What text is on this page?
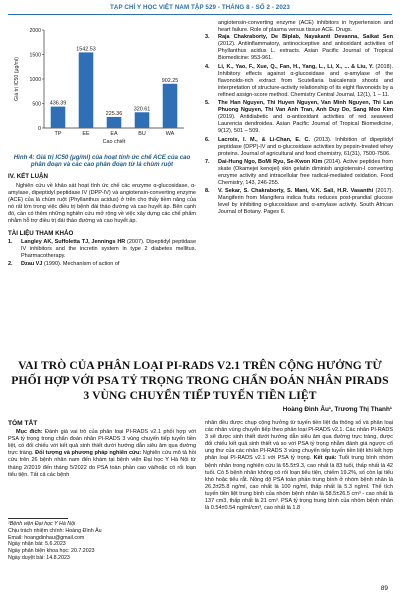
TẠP CHÍ Y HỌC VIỆT NAM TẬP 529 - THÁNG 8 - SỐ 2 - 2023
0
500
1000
1500
2000
Giá trị IC50 (μg/ml)
436.39
TP
1542.53
EE
225.36
EA
320.61
BU
902.25
WA
Cao chiết
Hình 4: Giá trị IC50 (μg/ml) của hoạt tính ức chế ACE của cao phân đoạn và các cao phân đoạn từ lá chùm ruột
IV. KẾT LUẬN
Nghiên cứu về khảo sát hoạt tính ức chế các enzyme α-glucosidase, α-amylase, dipeptidyl peptidase IV (DPP-IV) và angiotensin-converting enzyme (ACE) của lá chùm ruột (Phyllanthus acidus) ở trên cho thấy tiềm năng của nó rất lớn trong việc điều trị bệnh đái tháo đường và cao huyết áp. Bên cạnh đó, cần có thêm những nghiên cứu mở rộng về việc xây dựng các chế phẩm nhằm hỗ trợ điều trị đái tháo đường và cao huyết áp.
TÀI LIỆU THAM KHẢO
1.	Langley AK, Suffoletta TJ, Jennings HR (2007). Dipeptidyl peptidase IV inhibitors and the incretin system in type 2 diabetes mellitus. Pharmacotherapy.
2.	Dzau VJ (1990). Mechanism of action of
angiotensin-converting enzyme (ACE) inhibitors in hypertension and heart failure. Role of plasma versus tissue ACE. Drugs.
3.	Raja Chakraborty, De Biplab, Nayakanti Devanna, Saikat Sen (2012). Antiinflammatory, antinociceptive and antioxidant activities of Phyllanthus acidus L. extracts. Asian Pacific Journal of Tropical Biomedicine: 953-961.
4.	Li, K., Yao, F., Xue, Q., Fan, H., Yang, L., Li, X., ... & Liu, Y. (2018). Inhibitory effects against α-glucosidase and α-amylase of the flavonoids-rich extract from Scutellaria baicalensis shoots and interpretation of structure-activity relationship of its eight flavonoids by a refined assign-score method. Chemistry Central Journal, 12(1), 1 – 11.
5.	The Han Nguyen, Thi Huyen Nguyen, Van Minh Nguyen, Thi Lan Phuong Nguyen, Thi Van Anh Tran, Anh Duy Do, Sang Moo Kim (2019). Antidiabetic and α-antioxidant activities of red seaweed Laurencia dendroidea. Asian Pacific Journal of Tropical Biomedicine, 9(12), 501 – 509.
6.	Lacroix, I. M., & Li-Chan, E. C. (2013). Inhibition of dipeptidyl peptidase (DPP)-IV and α-glucosidase activities by pepsin-treated whey proteins. Journal of agricultural and food chemistry, 61(31), 7500-7506.
7.	Dai-Hung Ngo, BoMi Ryu, Se-Kwon Kim (2014). Active peptides from skate (Okamejei kenojei) skin gelatin diminish angiotensin-I converting enzyme activity and intracellular free radical-mediated oxidation. Food Chemistry, 143, 246-255.
8.	V. Sekar, S. Chakraborty, S. Mani, V.K. Sali, H.R. Vasanthi (2017). Mangiferin from Mangifera indica fruits reduces post-prandial glucose level by inhibiting α-glucosidase and α-amylase activity. South African Journal of Botany. Pages 6.
VAI TRÒ CỦA PHÂN LOẠI PI-RADS V2.1 TRÊN CỘNG HƯỞNG TỪ PHỐI HỢP VỚI PSA TỶ TRỌNG TRONG CHẨN ĐOÁN NHÂN PIRADS 3 VÙNG CHUYỂN TIẾP TUYẾN TIỀN LIỆT
Hoàng Đình Âu¹, Trương Thị Thanh¹
TÓM TẮT
Mục đích: Đánh giá vai trò của phân loại PI-RADS v2.1 phối hợp với PSA tỷ trọng trong chẩn đoán nhân PI-RADS 3 vùng chuyển tiếp tuyến tiền liệt, có đối chiếu với kết quả sinh thiết dưới hướng dẫn siêu âm qua đường trực tràng. Đối tượng và phương pháp nghiên cứu: Nghiên cứu mô tả hồi cứu trên 26 bệnh nhân nam đến khám tại bệnh viện Đại học Y Hà Nội từ tháng 2/2019 đến tháng 5/2022 do PSA toàn phần cao và/hoặc có rối loạn tiểu tiện. Tất cả các bệnh
¹Bệnh viện Đại học Y Hà Nội
Chịu trách nhiệm chính: Hoàng Đình Âu
Email: hoangdinhau@gmail.com
Ngày nhận bài: 5.6.2023
Ngày phản biện khoa học: 20.7.2023
Ngày duyệt bài: 14.8.2023
nhân đều được chụp cộng hưởng từ tuyến tiền liệt đa thông số và phân loại các nhân vùng chuyển tiếp theo phân loại PI-RADS v2.1. Các nhân PI-RADS 3 sẽ được sinh thiết dưới hướng dẫn siêu âm qua đường trực tràng, được đối chiếu kết quả sinh thiết và so với PSA tỷ trọng nhằm đánh giá ngược cổ ung thư của các nhân PI-RADS 3 vùng chuyển tiếp tuyến tiền liệt khi kết hợp phân loại PI-RADS v2.1 với PSA tỷ trọng. Kết quả: Tuổi trung bình nhóm bệnh nhân trong nghiên cứu là 65.5±9.3, cao nhất là 83 tuổi, thấp nhất là 42 tuổi. Có 5 bệnh nhân không có rối loạn tiểu tiện, chiếm 19.2%, số còn lại tiểu khó hoặc tiểu rắt. Nồng độ PSA toàn phần trung bình ở nhóm bệnh nhân là 26.3±25.8 ng/ml, cao nhất là 100 ng/ml, thấp nhất là 5.3 ng/ml. Thể tích tuyến tiền liệt trung bình của nhóm bệnh nhân là 58.5±26.5 cm³ - cao nhất là 137 cm3, thấp nhất là 21 cm³. PSA tỷ trọng trung bình của nhóm bệnh nhân là 0.54±0.54 ng/ml/cm³, cao nhất là 1.8
89
